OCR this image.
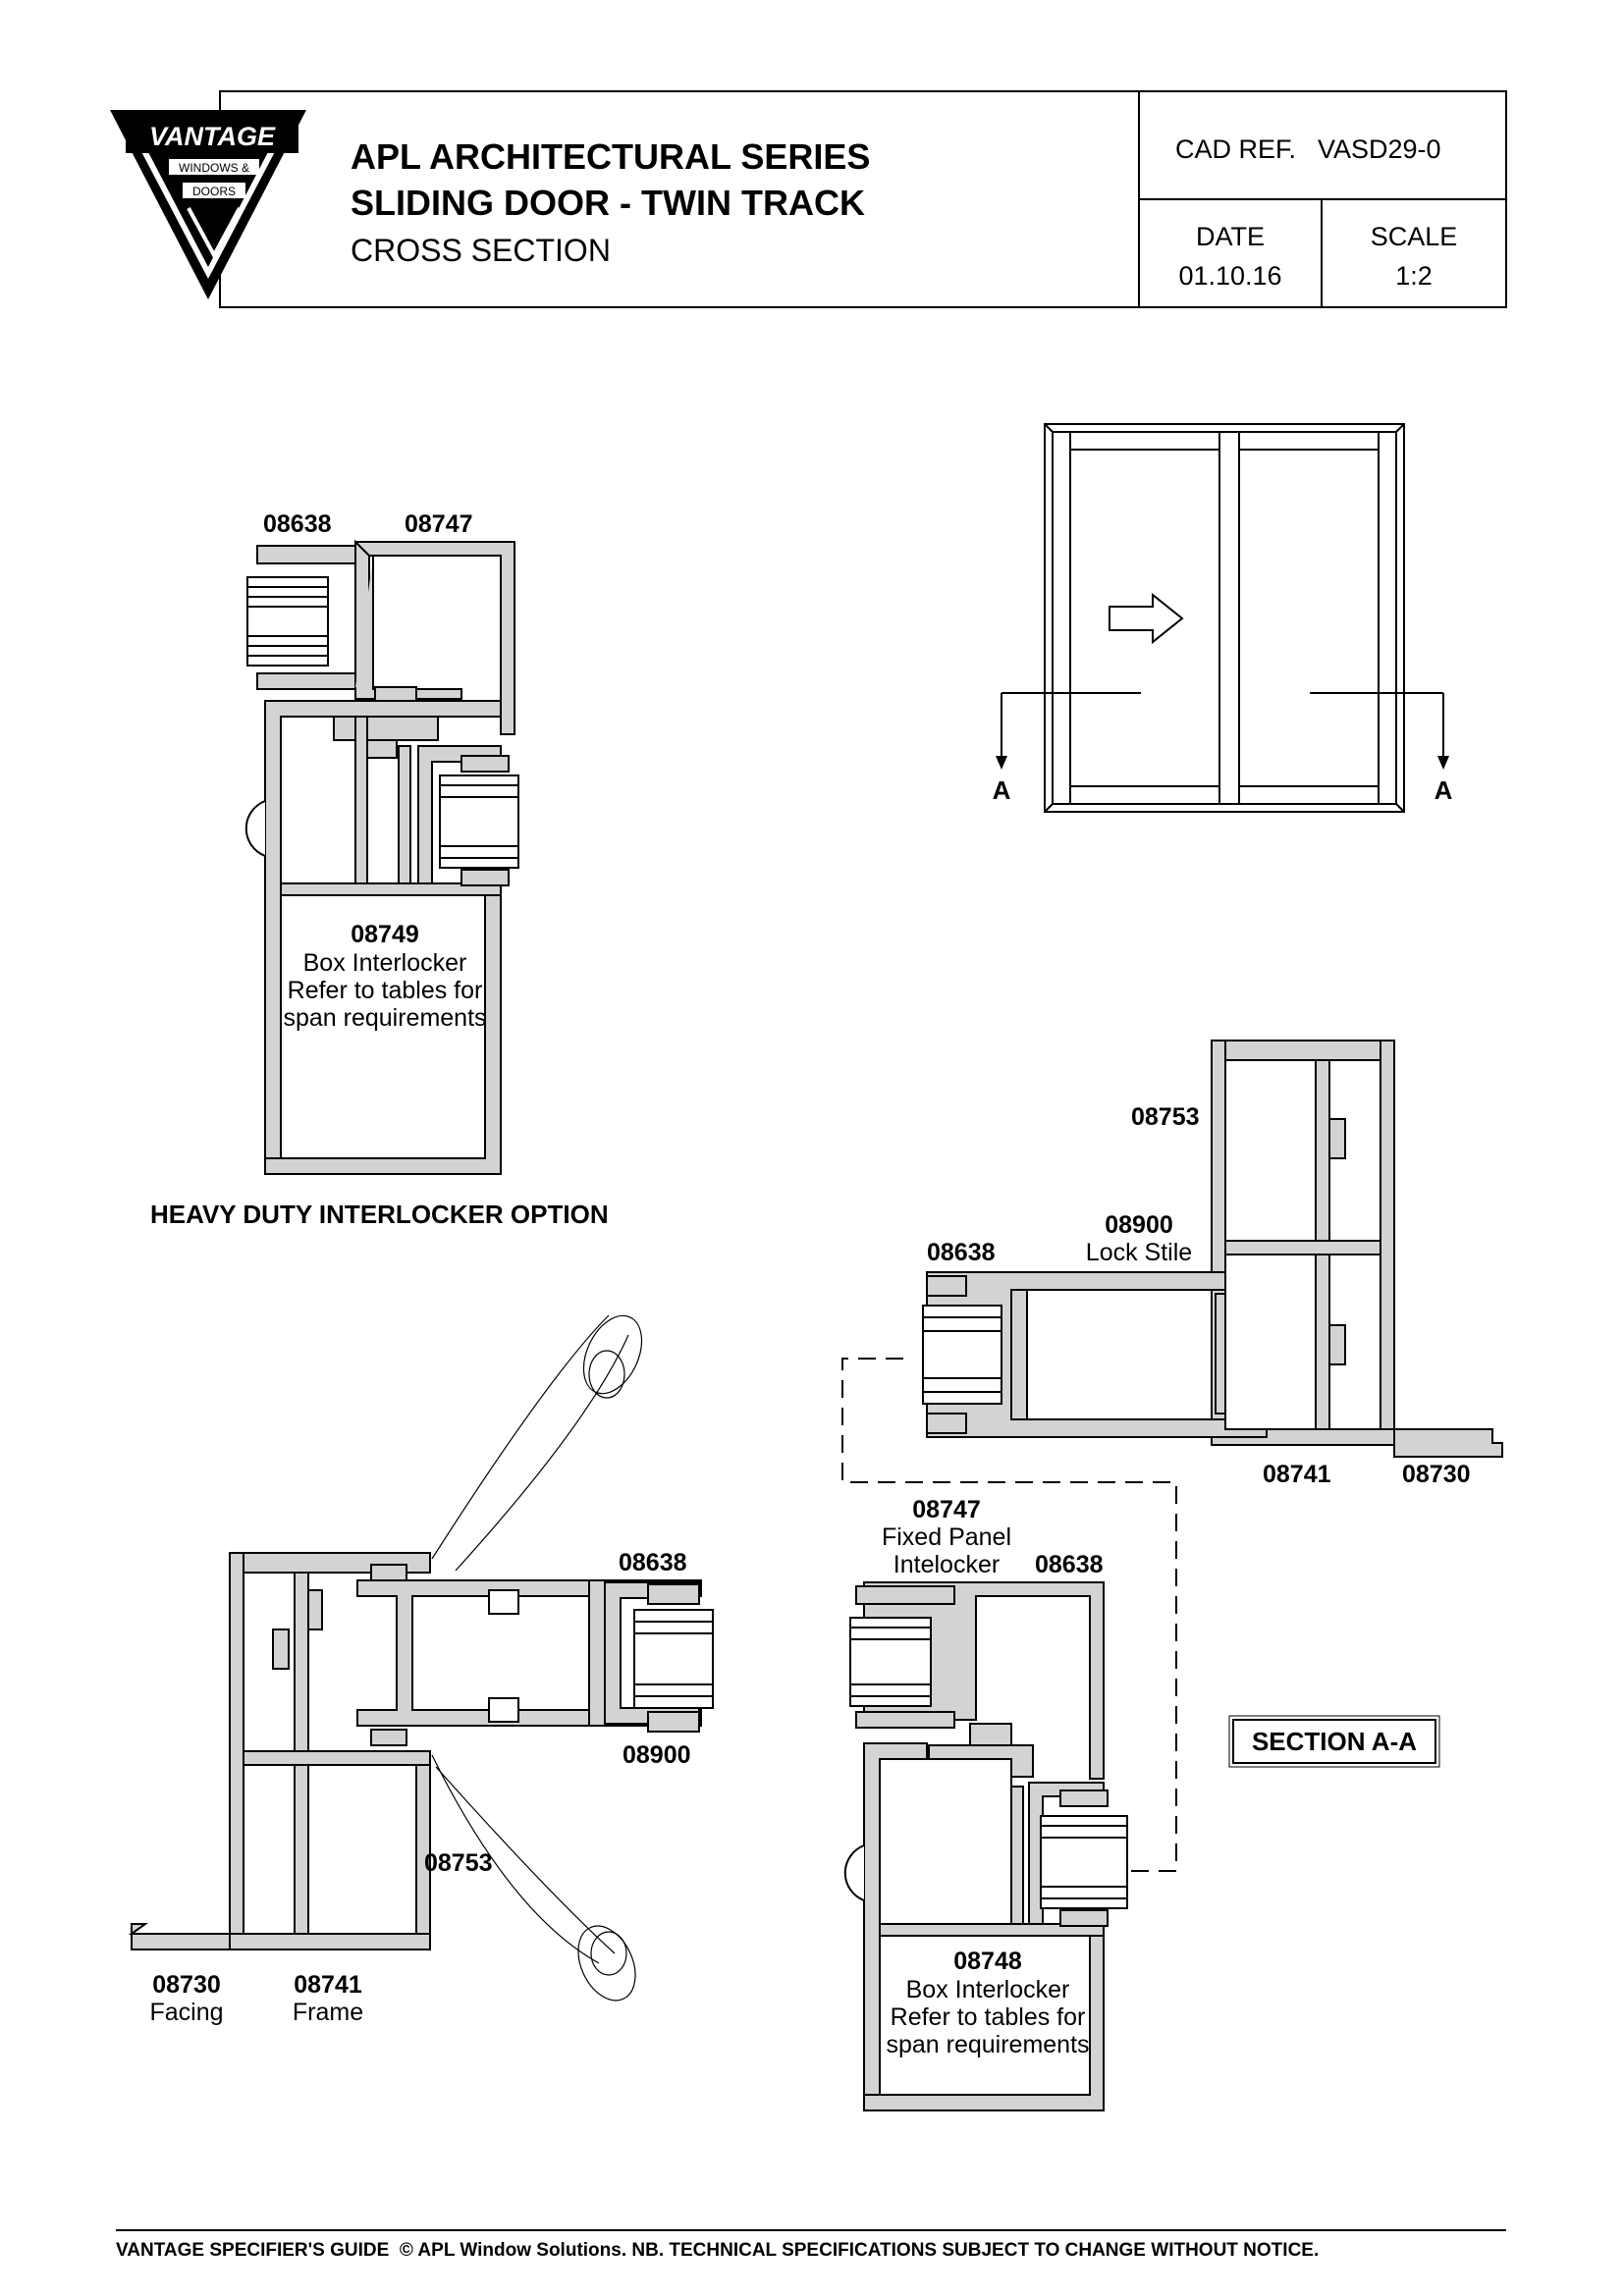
VANTAGE
WINDOWS &
DOORS
APL ARCHITECTURAL SERIES
SLIDING DOOR - TWIN TRACK
CROSS SECTION
CAD REF. VASD29-0
DATE
01.10.16
SCALE
1:2
A	A
08638	08747
08749
Box Interlocker
Refer to tables for
span requirements
HEAVY DUTY INTERLOCKER OPTION
08753
08900
Lock Stile
08638
08741	08730
08638
08900
08753
08730
Facing
08741
Frame
08747
Fixed Panel
Intelocker 08638
08748
Box Interlocker
Refer to tables for
span requirements
SECTION A-A
VANTAGE SPECIFIER'S GUIDE  © APL Window Solutions. NB. TECHNICAL SPECIFICATIONS SUBJECT TO CHANGE WITHOUT NOTICE.
